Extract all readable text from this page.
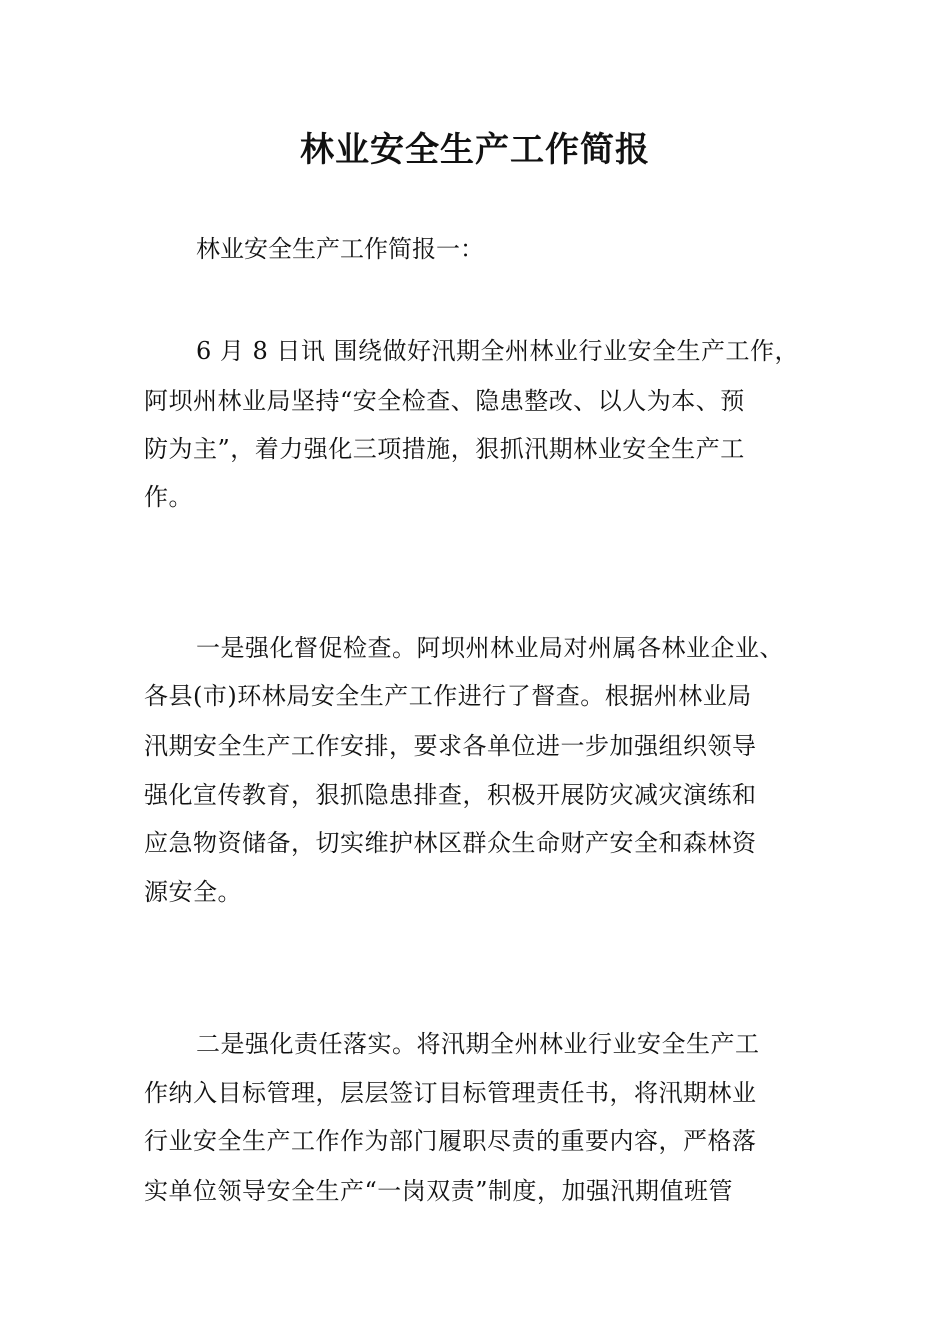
林业安全生产工作简报

林业安全生产工作简报一：

6 月 8 日讯 围绕做好汛期全州林业行业安全生产工作，
阿坝州林业局坚持“安全检查、隐患整改、以人为本、预
防为主”，着力强化三项措施，狠抓汛期林业安全生产工
作。
一是强化督促检查。阿坝州林业局对州属各林业企业、
各县(市)环林局安全生产工作进行了督查。根据州林业局
汛期安全生产工作安排，要求各单位进一步加强组织领导
强化宣传教育，狠抓隐患排查，积极开展防灾减灾演练和
应急物资储备，切实维护林区群众生命财产安全和森林资
源安全。
二是强化责任落实。将汛期全州林业行业安全生产工
作纳入目标管理，层层签订目标管理责任书，将汛期林业
行业安全生产工作作为部门履职尽责的重要内容，严格落
实单位领导安全生产“一岗双责”制度，加强汛期值班管
